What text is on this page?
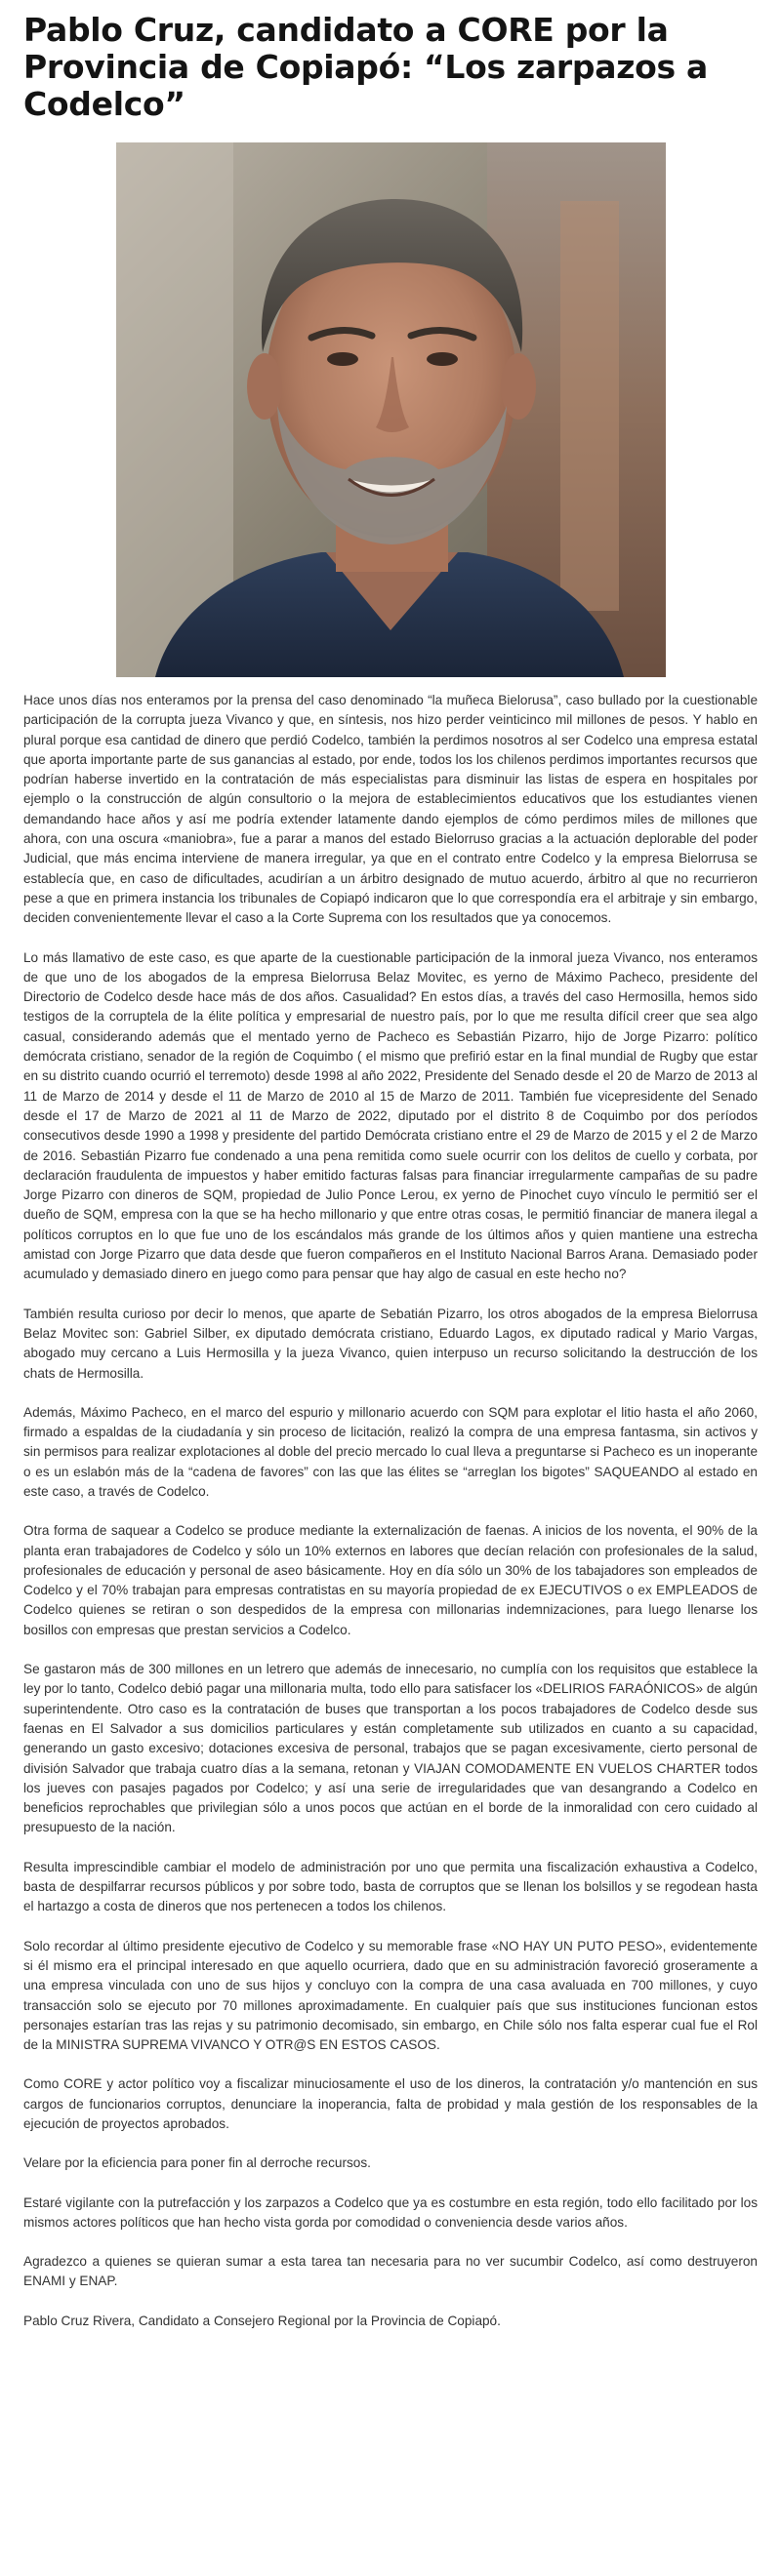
Pablo Cruz, candidato a CORE por la Provincia de Copiapó: “Los zarpazos a Codelco”

Hace unos días nos enteramos por la prensa del caso denominado “la muñeca Bielorusa”, caso bullado por la cuestionable participación de la corrupta jueza Vivanco y que, en síntesis, nos hizo perder veinticinco mil millones de pesos. Y hablo en plural porque esa cantidad de dinero que perdió Codelco, también la perdimos nosotros al ser Codelco una empresa estatal que aporta importante parte de sus ganancias al estado, por ende, todos los los chilenos perdimos importantes recursos que podrían haberse invertido en la contratación de más especialistas para disminuir las listas de espera en hospitales por ejemplo o la construcción de algún consultorio o la mejora de establecimientos educativos que los estudiantes vienen demandando hace años y así me podría extender latamente dando ejemplos de cómo perdimos miles de millones que ahora, con una oscura «maniobra», fue a parar a manos del estado Bielorruso gracias a la actuación deplorable del poder Judicial, que más encima interviene de manera irregular, ya que en el contrato entre Codelco y la empresa Bielorrusa se establecía que, en caso de dificultades, acudirían a un árbitro designado de mutuo acuerdo, árbitro al que no recurrieron pese a que en primera instancia los tribunales de Copiapó indicaron que lo que correspondía era el arbitraje y sin embargo, deciden convenientemente llevar el caso a la Corte Suprema con los resultados que ya conocemos.

Lo más llamativo de este caso, es que aparte de la cuestionable participación de la inmoral jueza Vivanco, nos enteramos de que uno de los abogados de la empresa Bielorrusa Belaz Movitec, es yerno de Máximo Pacheco, presidente del Directorio de Codelco desde hace más de dos años. Casualidad? En estos días, a través del caso Hermosilla, hemos sido testigos de la corruptela de la élite política y empresarial de nuestro país, por lo que me resulta difícil creer que sea algo casual, considerando además que el mentado yerno de Pacheco es Sebastián Pizarro, hijo de Jorge Pizarro: político demócrata cristiano, senador de la región de Coquimbo ( el mismo que prefirió estar en la final mundial de Rugby que estar en su distrito cuando ocurrió el terremoto) desde 1998 al año 2022, Presidente del Senado desde el 20 de Marzo de 2013 al 11 de Marzo de 2014 y desde el 11 de Marzo de 2010 al 15 de Marzo de 2011. También fue vicepresidente del Senado desde el 17 de Marzo de 2021 al 11 de Marzo de 2022, diputado por el distrito 8 de Coquimbo por dos períodos consecutivos desde 1990 a 1998 y presidente del partido Demócrata cristiano entre el 29 de Marzo de 2015 y el 2 de Marzo de 2016. Sebastián Pizarro fue condenado a una pena remitida como suele ocurrir con los delitos de cuello y corbata, por declaración fraudulenta de impuestos y haber emitido facturas falsas para financiar irregularmente campañas de su padre Jorge Pizarro con dineros de SQM, propiedad de Julio Ponce Lerou, ex yerno de Pinochet cuyo vínculo le permitió ser el dueño de SQM, empresa con la que se ha hecho millonario y que entre otras cosas, le permitió financiar de manera ilegal a políticos corruptos en lo que fue uno de los escándalos más grande de los últimos años y quien mantiene una estrecha amistad con Jorge Pizarro que data desde que fueron compañeros en el Instituto Nacional Barros Arana. Demasiado poder acumulado y demasiado dinero en juego como para pensar que hay algo de casual en este hecho no?

También resulta curioso por decir lo menos, que aparte de Sebatián Pizarro, los otros abogados de la empresa Bielorrusa Belaz Movitec son: Gabriel Silber, ex diputado demócrata cristiano, Eduardo Lagos, ex diputado radical y Mario Vargas, abogado muy cercano a Luis Hermosilla y la jueza Vivanco, quien interpuso un recurso solicitando la destrucción de los chats de Hermosilla.

Además, Máximo Pacheco, en el marco del espurio y millonario acuerdo con SQM para explotar el litio hasta el año 2060, firmado a espaldas de la ciudadanía y sin proceso de licitación, realizó la compra de una empresa fantasma, sin activos y sin permisos para realizar explotaciones al doble del precio mercado lo cual lleva a preguntarse si Pacheco es un inoperante o es un eslabón más de la “cadena de favores” con las que las élites se “arreglan los bigotes” SAQUEANDO al estado en este caso, a través de Codelco.

Otra forma de saquear a Codelco se produce mediante la externalización de faenas. A inicios de los noventa, el 90% de la planta eran trabajadores de Codelco y sólo un 10% externos en labores que decían relación con profesionales de la salud, profesionales de educación y personal de aseo básicamente. Hoy en día sólo un 30% de los tabajadores son empleados de Codelco y el 70% trabajan para empresas contratistas en su mayoría propiedad de ex EJECUTIVOS o ex EMPLEADOS de Codelco quienes se retiran o son despedidos de la empresa con millonarias indemnizaciones, para luego llenarse los bosillos con empresas que prestan servicios a Codelco.

Se gastaron más de 300 millones en un letrero que además de innecesario, no cumplía con los requisitos que establece la ley por lo tanto, Codelco debió pagar una millonaria multa, todo ello para satisfacer los «DELIRIOS FARAÓNICOS» de algún superintendente. Otro caso es la contratación de buses que transportan a los pocos trabajadores de Codelco desde sus faenas en El Salvador a sus domicilios particulares y están completamente sub utilizados en cuanto a su capacidad, generando un gasto excesivo; dotaciones excesiva de personal, trabajos que se pagan excesivamente, cierto personal de división Salvador que trabaja cuatro días a la semana, retonan y VIAJAN COMODAMENTE EN VUELOS CHARTER todos los jueves con pasajes pagados por Codelco; y así una serie de irregularidades que van desangrando a Codelco en beneficios reprochables que privilegian sólo a unos pocos que actúan en el borde de la inmoralidad con cero cuidado al presupuesto de la nación.

Resulta imprescindible cambiar el modelo de administración por uno que permita una fiscalización exhaustiva a Codelco, basta de despilfarrar recursos públicos y por sobre todo, basta de corruptos que se llenan los bolsillos y se regodean hasta el hartazgo a costa de dineros que nos pertenecen a todos los chilenos.

Solo recordar al último presidente ejecutivo de Codelco y su memorable frase «NO HAY UN PUTO PESO», evidentemente si él mismo era el principal interesado en que aquello ocurriera, dado que en su administración favoreció groseramente a una empresa vinculada con uno de sus hijos y concluyo con la compra de una casa avaluada en 700 millones, y cuyo transacción solo se ejecuto por 70 millones aproximadamente. En cualquier país que sus instituciones funcionan estos personajes estarían tras las rejas y su patrimonio decomisado, sin embargo, en Chile sólo nos falta esperar cual fue el Rol de la MINISTRA SUPREMA VIVANCO Y OTR@S EN ESTOS CASOS.

Como CORE y actor político voy a fiscalizar minuciosamente el uso de los dineros, la contratación y/o mantención en sus cargos de funcionarios corruptos, denunciare la inoperancia, falta de probidad y mala gestión de los responsables de la ejecución de proyectos aprobados.

Velare por la eficiencia para poner fin al derroche recursos.

Estaré vigilante con la putrefacción y los zarpazos a Codelco que ya es costumbre en esta región, todo ello facilitado por los mismos actores políticos que han hecho vista gorda por comodidad o conveniencia desde varios años.

Agradezco a quienes se quieran sumar a esta tarea tan necesaria para no ver sucumbir Codelco, así como destruyeron ENAMI y ENAP.

Pablo Cruz Rivera, Candidato a Consejero Regional por la Provincia de Copiapó.
